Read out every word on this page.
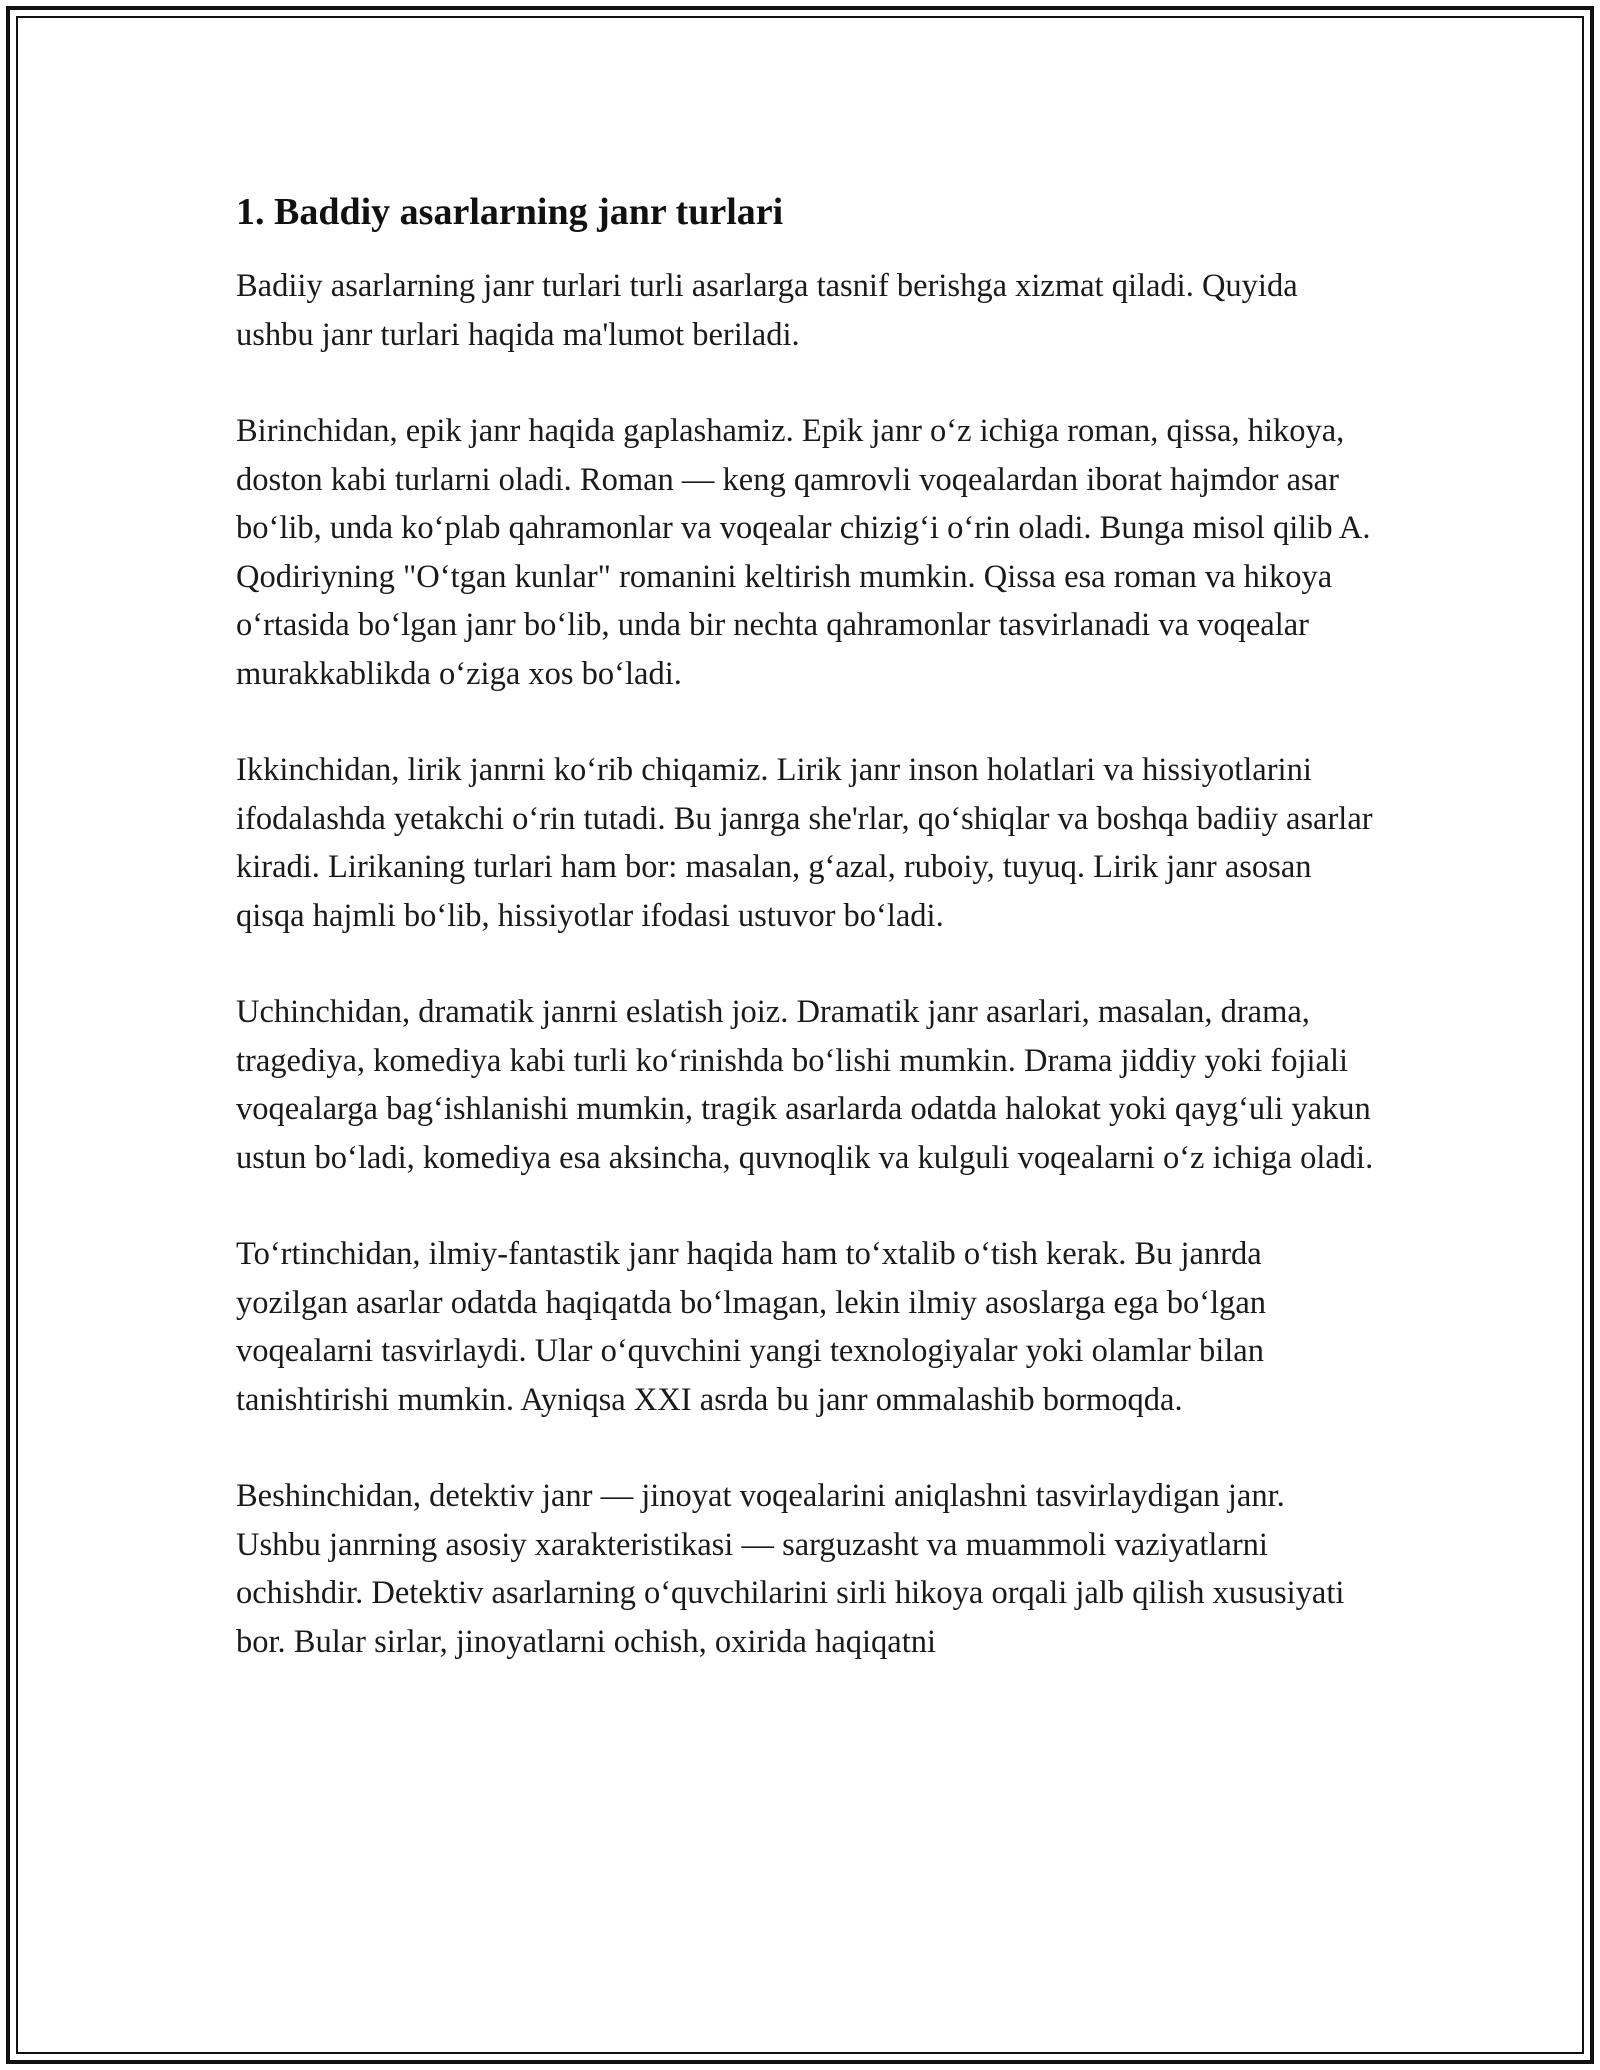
1. Baddiy asarlarning janr turlari

Badiiy asarlarning janr turlari turli asarlarga tasnif berishga xizmat qiladi. Quyida ushbu janr turlari haqida ma'lumot beriladi.

Birinchidan, epik janr haqida gaplashamiz. Epik janr o‘z ichiga roman, qissa, hikoya, doston kabi turlarni oladi. Roman — keng qamrovli voqealardan iborat hajmdor asar bo‘lib, unda ko‘plab qahramonlar va voqealar chizig‘i o‘rin oladi. Bunga misol qilib A. Qodiriyning "O‘tgan kunlar" romanini keltirish mumkin. Qissa esa roman va hikoya o‘rtasida bo‘lgan janr bo‘lib, unda bir nechta qahramonlar tasvirlanadi va voqealar murakkablikda o‘ziga xos bo‘ladi.

Ikkinchidan, lirik janrni ko‘rib chiqamiz. Lirik janr inson holatlari va hissiyotlarini ifodalashda yetakchi o‘rin tutadi. Bu janrga she'rlar, qo‘shiqlar va boshqa badiiy asarlar kiradi. Lirikaning turlari ham bor: masalan, g‘azal, ruboiy, tuyuq. Lirik janr asosan qisqa hajmli bo‘lib, hissiyotlar ifodasi ustuvor bo‘ladi.

Uchinchidan, dramatik janrni eslatish joiz. Dramatik janr asarlari, masalan, drama, tragediya, komediya kabi turli ko‘rinishda bo‘lishi mumkin. Drama jiddiy yoki fojiali voqealarga bag‘ishlanishi mumkin, tragik asarlarda odatda halokat yoki qayg‘uli yakun ustun bo‘ladi, komediya esa aksincha, quvnoqlik va kulguli voqealarni o‘z ichiga oladi.

To‘rtinchidan, ilmiy-fantastik janr haqida ham to‘xtalib o‘tish kerak. Bu janrda yozilgan asarlar odatda haqiqatda bo‘lmagan, lekin ilmiy asoslarga ega bo‘lgan voqealarni tasvirlaydi. Ular o‘quvchini yangi texnologiyalar yoki olamlar bilan tanishtirishi mumkin. Ayniqsa XXI asrda bu janr ommalashib bormoqda.

Beshinchidan, detektiv janr — jinoyat voqealarini aniqlashni tasvirlaydigan janr. Ushbu janrning asosiy xarakteristikasi — sarguzasht va muammoli vaziyatlarni ochishdir. Detektiv asarlarning o‘quvchilarini sirli hikoya orqali jalb qilish xususiyati bor. Bular sirlar, jinoyatlarni ochish, oxirida haqiqatni
